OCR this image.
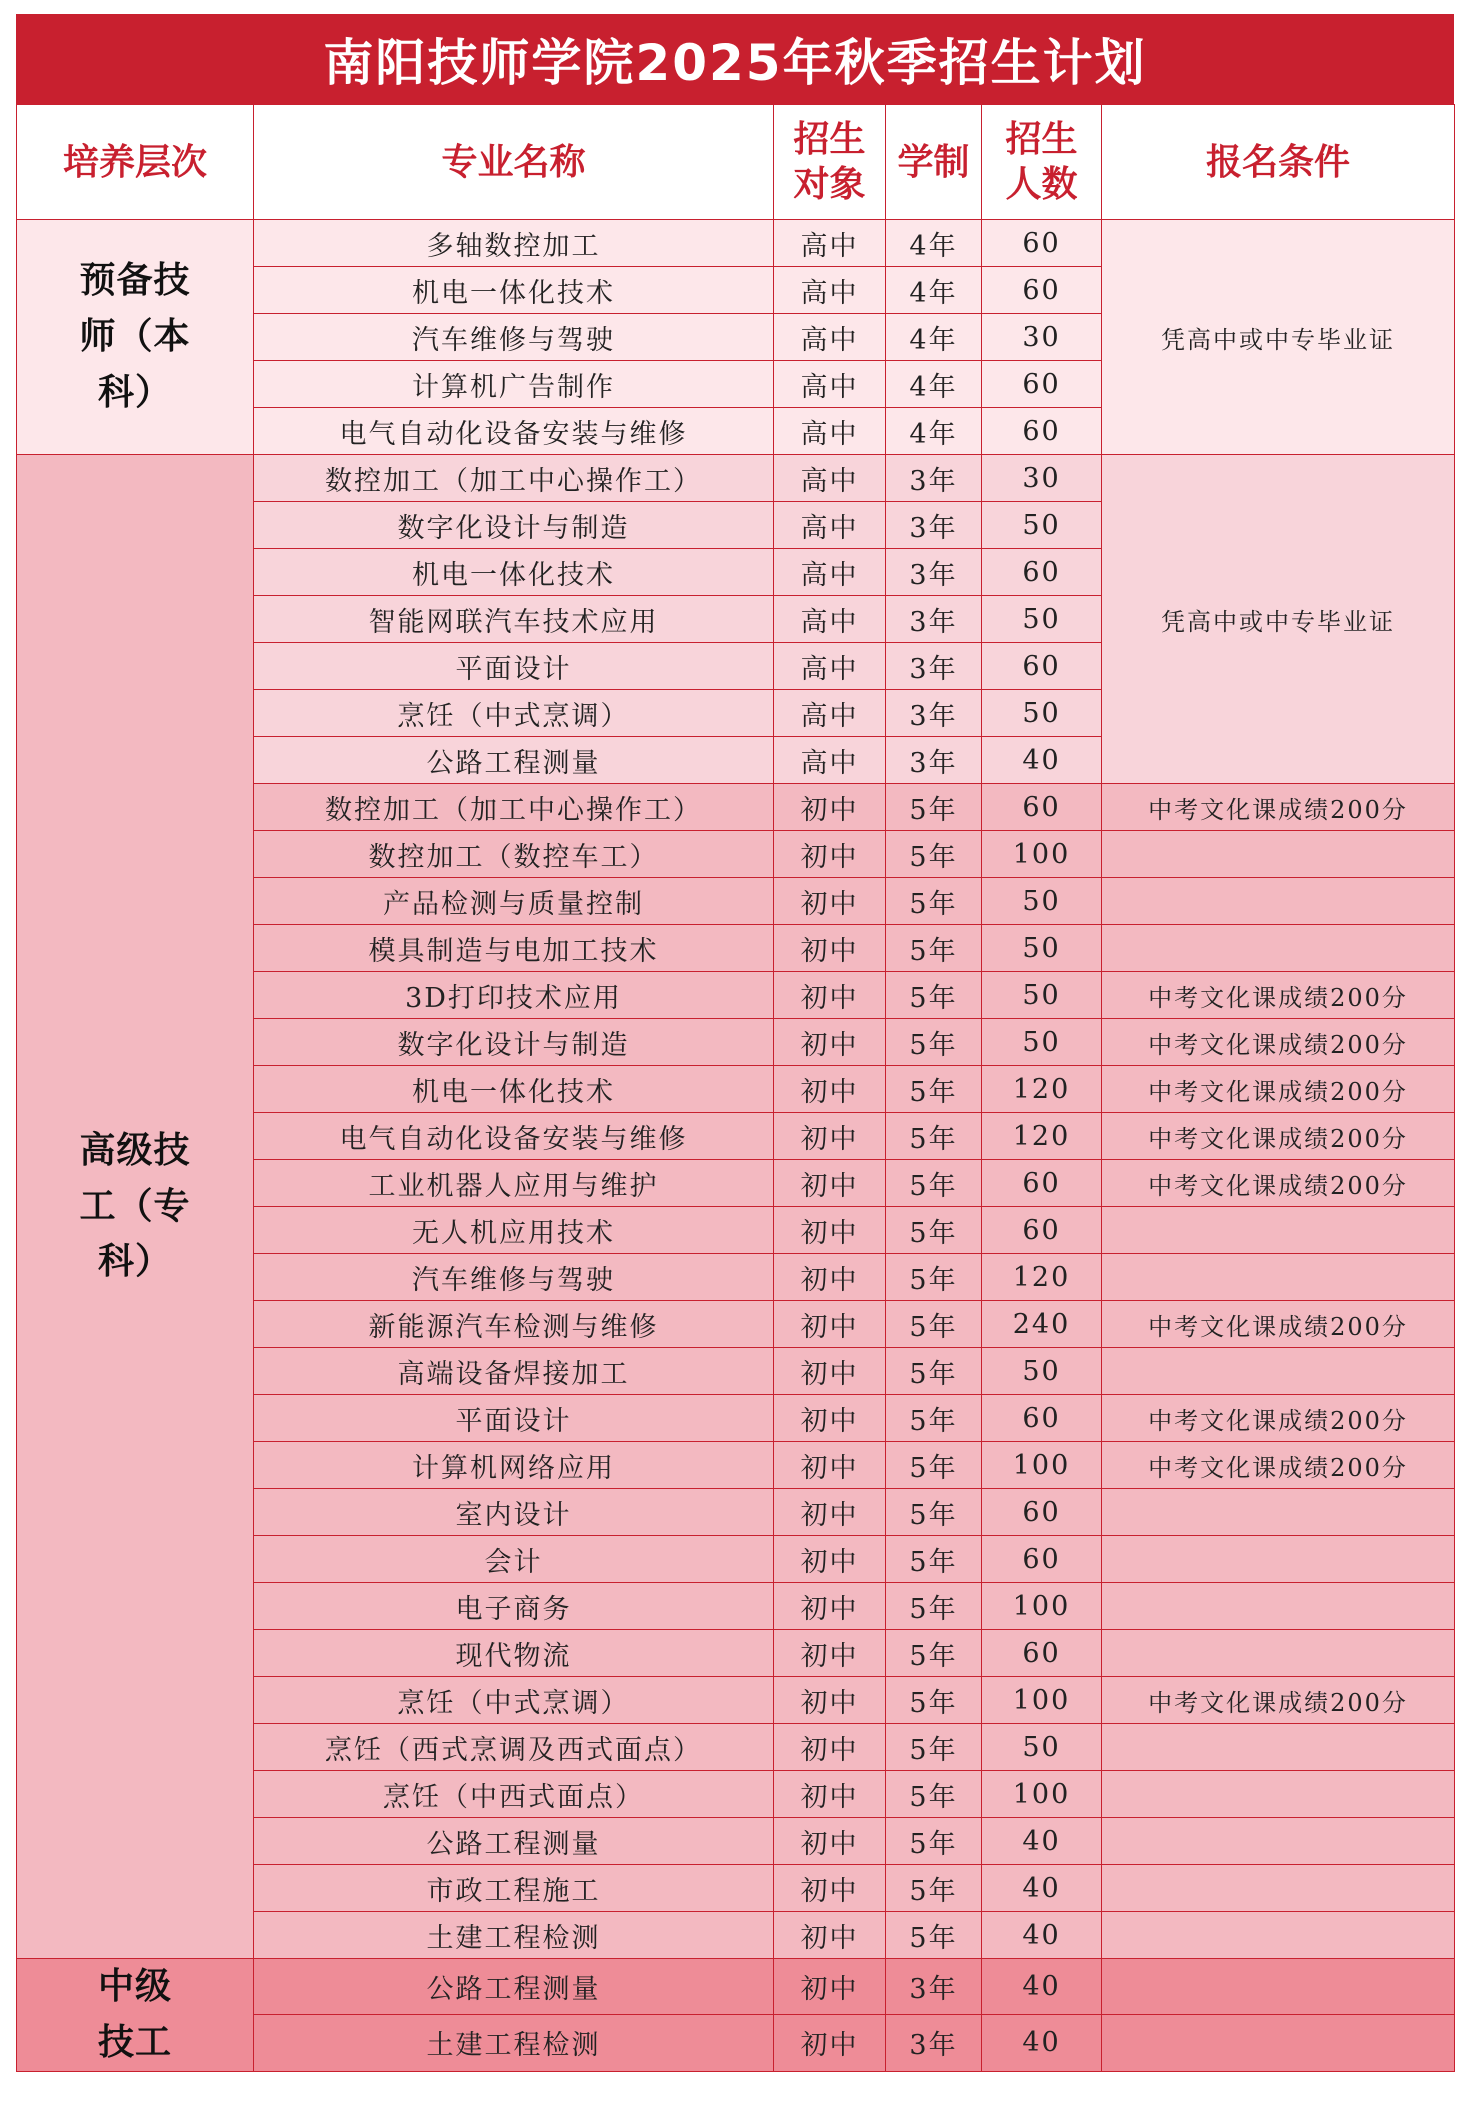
南阳技师学院2025年秋季招生计划
培养层次	专业名称	招生对象	学制	招生人数	报名条件
预备技师（本科）	多轴数控加工	高中	4年	60	凭高中或中专毕业证
	机电一体化技术	高中	4年	60	
	汽车维修与驾驶	高中	4年	30	
	计算机广告制作	高中	4年	60	
	电气自动化设备安装与维修	高中	4年	60	
高级技工（专科）	数控加工（加工中心操作工）	高中	3年	30	凭高中或中专毕业证
	数字化设计与制造	高中	3年	50	
	机电一体化技术	高中	3年	60	
	智能网联汽车技术应用	高中	3年	50	
	平面设计	高中	3年	60	
	烹饪（中式烹调）	高中	3年	50	
	公路工程测量	高中	3年	40	
	数控加工（加工中心操作工）	初中	5年	60	中考文化课成绩200分
	数控加工（数控车工）	初中	5年	100	
	产品检测与质量控制	初中	5年	50	
	模具制造与电加工技术	初中	5年	50	
	3D打印技术应用	初中	5年	50	中考文化课成绩200分
	数字化设计与制造	初中	5年	50	中考文化课成绩200分
	机电一体化技术	初中	5年	120	中考文化课成绩200分
	电气自动化设备安装与维修	初中	5年	120	中考文化课成绩200分
	工业机器人应用与维护	初中	5年	60	中考文化课成绩200分
	无人机应用技术	初中	5年	60	
	汽车维修与驾驶	初中	5年	120	
	新能源汽车检测与维修	初中	5年	240	中考文化课成绩200分
	高端设备焊接加工	初中	5年	50	
	平面设计	初中	5年	60	中考文化课成绩200分
	计算机网络应用	初中	5年	100	中考文化课成绩200分
	室内设计	初中	5年	60	
	会计	初中	5年	60	
	电子商务	初中	5年	100	
	现代物流	初中	5年	60	
	烹饪（中式烹调）	初中	5年	100	中考文化课成绩200分
	烹饪（西式烹调及西式面点）	初中	5年	50	
	烹饪（中西式面点）	初中	5年	100	
	公路工程测量	初中	5年	40	
	市政工程施工	初中	5年	40	
	土建工程检测	初中	5年	40	
中级技工	公路工程测量	初中	3年	40	
	土建工程检测	初中	3年	40	
